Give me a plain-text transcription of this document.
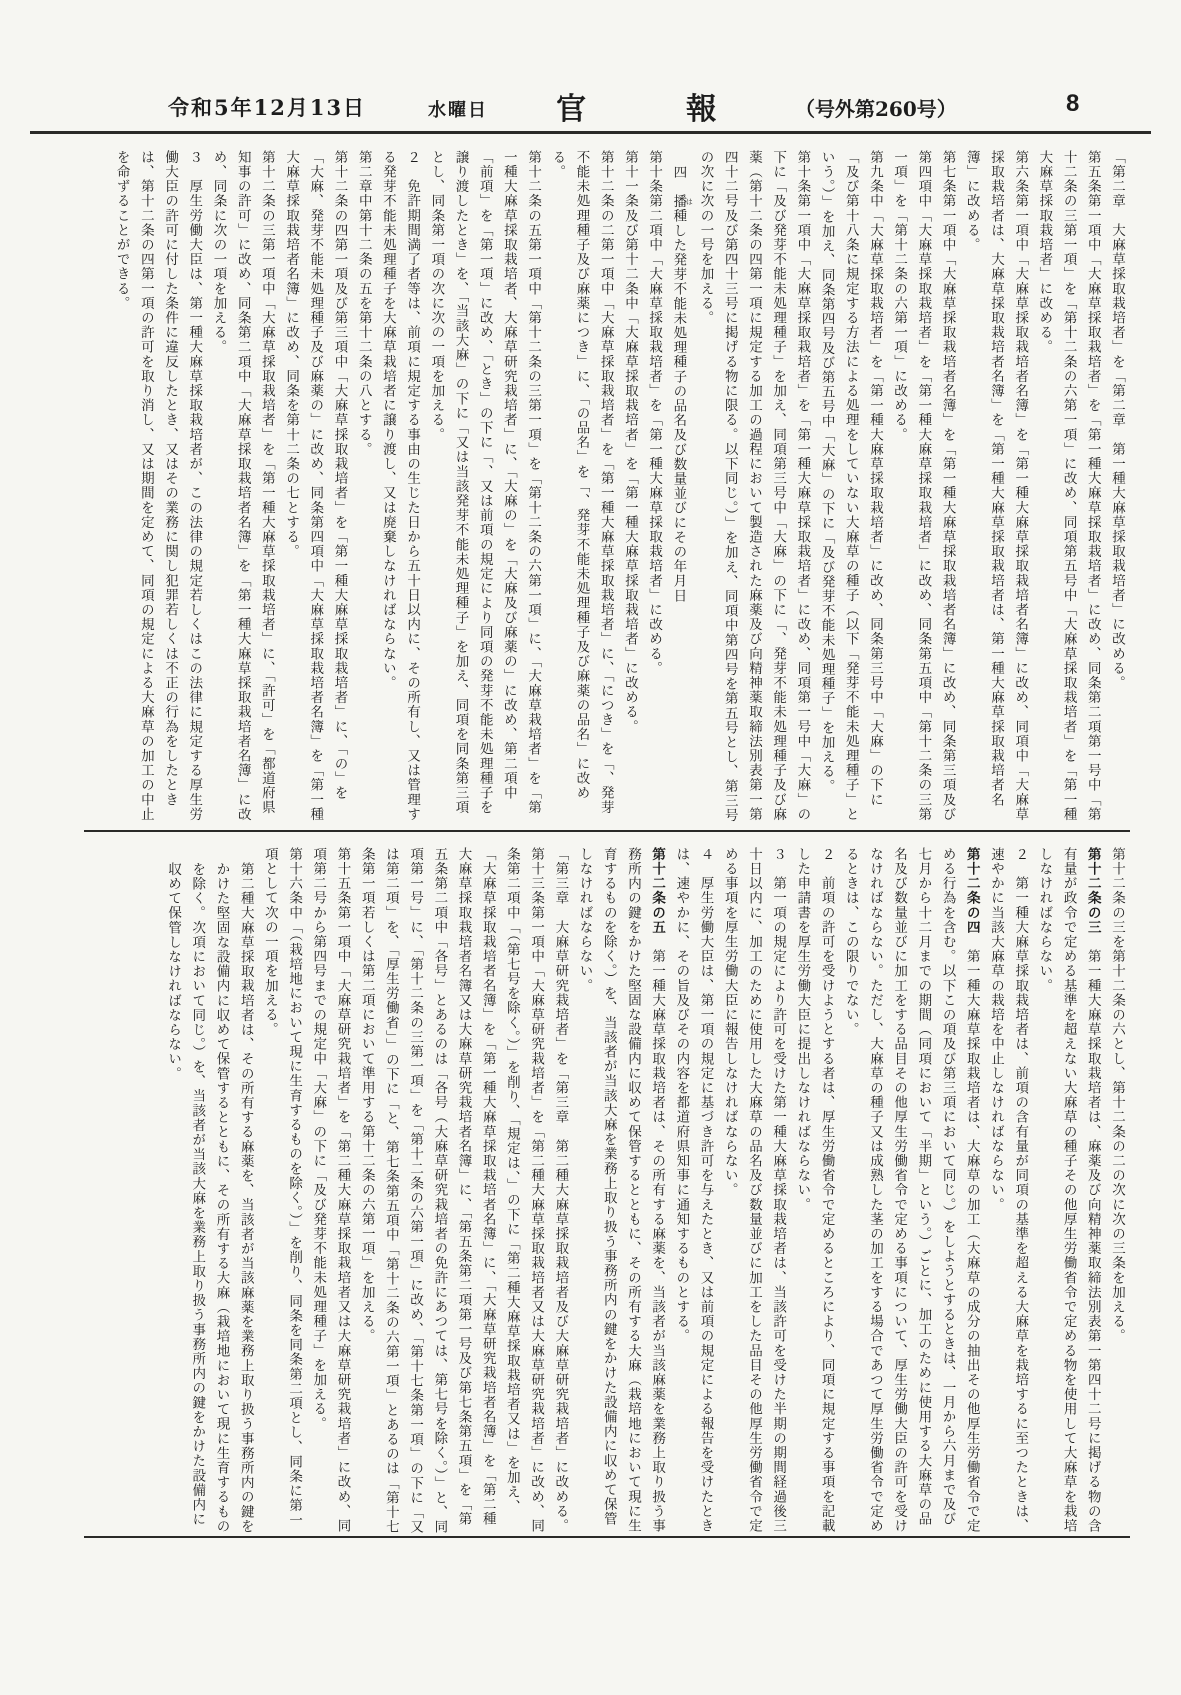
令和5年12月13日	水曜日 官	報	（号外第260号）	8

「第二章　大麻草採取栽培者」を「第二章　第一種大麻草採取栽培者」に改める。

第五条第一項中「大麻草採取栽培者」を「第一種大麻草採取栽培者」に改め、同条第二項第一号中「第十二条の三第一項」を「第十二条の六第一項」に改め、同項第五号中「大麻草採取栽培者」を「第一種大麻草採取栽培者」に改める。

第六条第一項中「大麻草採取栽培者名簿」を「第一種大麻草採取栽培者名簿」に改め、同項中「大麻草採取栽培者は、大麻草採取栽培者名簿」を「第一種大麻草採取栽培者は、第一種大麻草採取栽培者名簿」に改める。

第七条第一項中「大麻草採取栽培者名簿」を「第一種大麻草採取栽培者名簿」に改め、同条第三項及び第四項中「大麻草採取栽培者」を「第一種大麻草採取栽培者」に改め、同条第五項中「第十二条の三第一項」を「第十二条の六第一項」に改める。

第九条中「大麻草採取栽培者」を「第一種大麻草採取栽培者」に改め、同条第三号中「大麻」の下に「及び第十八条に規定する方法による処理をしていない大麻草の種子（以下「発芽不能未処理種子」という。）」を加え、同条第四号及び第五号中「大麻」の下に「及び発芽不能未処理種子」を加える。

第十条第一項中「大麻草採取栽培者」を「第一種大麻草採取栽培者」に改め、同項第一号中「大麻」の下に「及び発芽不能未処理種子」を加え、同項第三号中「大麻」の下に「、発芽不能未処理種子及び麻薬（第十二条の四第一項に規定する加工の過程において製造された麻薬及び向精神薬取締法別表第一第四十二号及び第四十三号に掲げる物に限る。以下同じ。）」を加え、同項中第四号を第五号とし、第三号の次に次の一号を加える。

四　播 は種した発芽不能未処理種子の品名及び数量並びにその年月日

第十条第二項中「大麻草採取栽培者」を「第一種大麻草採取栽培者」に改める。

第十一条及び第十二条中「大麻草採取栽培者」を「第一種大麻草採取栽培者」に改める。

第十二条の二第一項中「大麻草採取栽培者」を「第一種大麻草採取栽培者」に、「につき」を「、発芽不能未処理種子及び麻薬につき」に、「の品名」を「、発芽不能未処理種子及び麻薬の品名」に改める。

第十二条の五第一項中「第十二条の三第一項」を「第十二条の六第一項」に、「大麻草栽培者」を「第一種大麻草採取栽培者、大麻草研究栽培者」に、「大麻の」を「大麻及び麻薬の」に改め、第二項中「前項」を「第一項」に改め、「とき」の下に「、又は前項の規定により同項の発芽不能未処理種子を譲り渡したとき」を、「当該大麻」の下に「又は当該発芽不能未処理種子」を加え、同項を同条第三項とし、同条第一項の次に次の一項を加える。

２　免許期間満了者等は、前項に規定する事由の生じた日から五十日以内に、その所有し、又は管理する発芽不能未処理種子を大麻草栽培者に譲り渡し、又は廃棄しなければならない。

第二章中第十二条の五を第十二条の八とする。

第十二条の四第一項及び第三項中「大麻草採取栽培者」を「第一種大麻草採取栽培者」に、「の」を「大麻、発芽不能未処理種子及び麻薬の」に改め、同条第四項中「大麻草採取栽培者名簿」を「第一種大麻草採取栽培者名簿」に改め、同条を第十二条の七とする。

第十二条の三第一項中「大麻草採取栽培者」を「第一種大麻草採取栽培者」に、「許可」を「都道府県知事の許可」に改め、同条第二項中「大麻草採取栽培者名簿」を「第一種大麻草採取栽培者名簿」に改め、同条に次の一項を加える。

３　厚生労働大臣は、第一種大麻草採取栽培者が、この法律の規定若しくはこの法律に規定する厚生労働大臣の許可に付した条件に違反したとき、又はその業務に関し犯罪若しくは不正の行為をしたときは、第十二条の四第一項の許可を取り消し、又は期間を定めて、同項の規定による大麻草の加工の中止を命ずることができる。

第十二条の三を第十二条の六とし、第十二条の二の次に次の三条を加える。

第十二条の三　第一種大麻草採取栽培者は、麻薬及び向精神薬取締法別表第一第四十二号に掲げる物の含有量が政令で定める基準を超えない大麻草の種子その他厚生労働省令で定める物を使用して大麻草を栽培しなければならない。

２　第一種大麻草採取栽培者は、前項の含有量が同項の基準を超える大麻草を栽培するに至つたときは、速やかに当該大麻草の栽培を中止しなければならない。

第十二条の四　第一種大麻草採取栽培者は、大麻草の加工（大麻草の成分の抽出その他厚生労働省令で定める行為を含む。以下この項及び第三項において同じ。）をしようとするときは、一月から六月まで及び七月から十二月までの期間（同項において「半期」という。）ごとに、加工のために使用する大麻草の品名及び数量並びに加工をする品目その他厚生労働省令で定める事項について、厚生労働大臣の許可を受けなければならない。ただし、大麻草の種子又は成熟した茎の加工をする場合であつて厚生労働省令で定めるときは、この限りでない。

２　前項の許可を受けようとする者は、厚生労働省令で定めるところにより、同項に規定する事項を記載した申請書を厚生労働大臣に提出しなければならない。

３　第一項の規定により許可を受けた第一種大麻草採取栽培者は、当該許可を受けた半期の期間経過後三十日以内に、加工のために使用した大麻草の品名及び数量並びに加工をした品目その他厚生労働省令で定める事項を厚生労働大臣に報告しなければならない。

４　厚生労働大臣は、第一項の規定に基づき許可を与えたとき、又は前項の規定による報告を受けたときは、速やかに、その旨及びその内容を都道府県知事に通知するものとする。

第十二条の五　第一種大麻草採取栽培者は、その所有する麻薬を、当該者が当該麻薬を業務上取り扱う事務所内の鍵をかけた堅固な設備内に収めて保管するとともに、その所有する大麻（栽培地において現に生育するものを除く。）を、当該者が当該大麻を業務上取り扱う事務所内の鍵をかけた設備内に収めて保管しなければならない。

「第三章　大麻草研究栽培者」を「第三章　第二種大麻草採取栽培者及び大麻草研究栽培者」に改める。

第十三条第一項中「大麻草研究栽培者」を「第二種大麻草採取栽培者又は大麻草研究栽培者」に改め、同条第二項中「（第七号を除く。）」を削り、「規定は、」の下に「第二種大麻草採取栽培者又は」を加え、「大麻草採取栽培者名簿」を「第一種大麻草採取栽培者名簿」に、「大麻草研究栽培者名簿」を「第二種大麻草採取栽培者名簿又は大麻草研究栽培者名簿」に、「第五条第二項第一号及び第七条第五項」を「第五条第二項中「各号」とあるのは「各号（大麻草研究栽培者の免許にあつては、第七号を除く。）」と、同項第一号」に、「第十二条の三第一項」を「第十二条の六第一項」に改め、「第十七条第一項」の下に「又は第二項」を、「厚生労働省」」の下に「と、第七条第五項中「第十二条の六第一項」とあるのは「第十七条第一項若しくは第二項において準用する第十二条の六第一項」を加える。

第十五条第一項中「大麻草研究栽培者」を「第二種大麻草採取栽培者又は大麻草研究栽培者」に改め、同項第二号から第四号までの規定中「大麻」の下に「及び発芽不能未処理種子」を加える。

第十六条中「（栽培地において現に生育するものを除く。）」を削り、同条を同条第二項とし、同条に第一項として次の一項を加える。

第二種大麻草採取栽培者は、その所有する麻薬を、当該者が当該麻薬を業務上取り扱う事務所内の鍵をかけた堅固な設備内に収めて保管するとともに、その所有する大麻（栽培地において現に生育するものを除く。次項において同じ。）を、当該者が当該大麻を業務上取り扱う事務所内の鍵をかけた設備内に収めて保管しなければならない。
